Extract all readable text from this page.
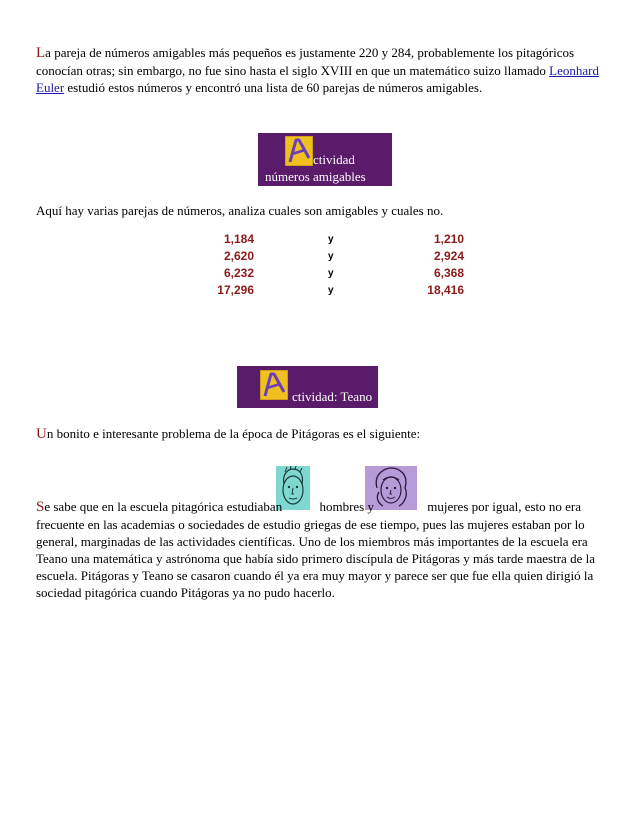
La pareja de números amigables más pequeños es justamente 220 y 284, probablemente los pitagóricos conocían otras; sin embargo, no fue sino hasta el siglo XVIII en que un matemático suizo llamado Leonhard Euler estudió estos números y encontró una lista de 60 parejas de números amigables.

ctividad
números amigables

Aquí hay varias parejas de números, analiza cuales son amigables y cuales no.

1,184	y	1,210
2,620	y	2,924
6,232	y	6,368
17,296	y	18,416
ctividad: Teano

Un bonito e interesante problema de la época de Pitágoras es el siguiente:

Se sabe que en la escuela pitagórica estudiaban	hombres y	mujeres por igual, esto no era frecuente en las academias o sociedades de estudio griegas de ese tiempo, pues las mujeres estaban por lo general, marginadas de las actividades científicas. Uno de los miembros más importantes de la escuela era Teano una matemática y astrónoma que había sido primero discípula de Pitágoras y más tarde maestra de la escuela. Pitágoras y Teano se casaron cuando él ya era muy mayor y parece ser que fue ella quien dirigió la sociedad pitagórica cuando Pitágoras ya no pudo hacerlo.
